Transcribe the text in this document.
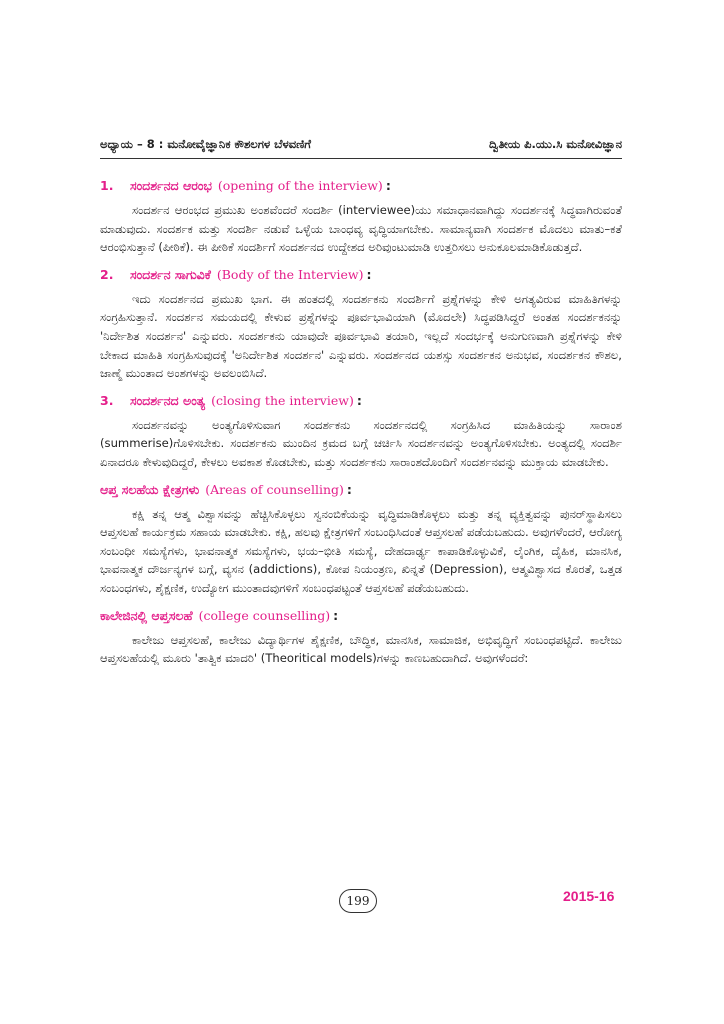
ಅಧ್ಯಾಯ – 8 : ಮನೋವೈಜ್ಞಾನಿಕ ಕೌಶಲಗಳ ಬೆಳವಣಿಗೆ	ದ್ವಿತೀಯ ಪಿ.ಯು.ಸಿ ಮನೋವಿಜ್ಞಾನ
1.	ಸಂದರ್ಶನದ ಆರಂಭ (opening of the interview) :

ಸಂದರ್ಶನ ಆರಂಭದ ಪ್ರಮುಖ ಅಂಶವೆಂದರೆ ಸಂದರ್ಶಿ (interviewee)ಯು ಸಮಾಧಾನವಾಗಿದ್ದು ಸಂದರ್ಶನಕ್ಕೆ ಸಿದ್ಧವಾಗಿರುವಂತೆ ಮಾಡುವುದು. ಸಂದರ್ಶಕ ಮತ್ತು ಸಂದರ್ಶಿ ನಡುವೆ ಒಳ್ಳೆಯ ಬಾಂಧವ್ಯ ವೃದ್ಧಿಯಾಗಬೇಕು. ಸಾಮಾನ್ಯವಾಗಿ ಸಂದರ್ಶಕ ಮೊದಲು ಮಾತು–ಕತೆ ಆರಂಭಿಸುತ್ತಾನೆ (ಪೀಠಿಕೆ). ಈ ಪೀಠಿಕೆ ಸಂದರ್ಶಿಗೆ ಸಂದರ್ಶನದ ಉದ್ದೇಶದ ಅರಿವುಂಟುಮಾಡಿ ಉತ್ತರಿಸಲು ಅನುಕೂಲಮಾಡಿಕೊಡುತ್ತದೆ.

2.	ಸಂದರ್ಶನ ಸಾಗುವಿಕೆ (Body of the Interview) :

ಇದು ಸಂದರ್ಶನದ ಪ್ರಮುಖ ಭಾಗ. ಈ ಹಂತದಲ್ಲಿ ಸಂದರ್ಶಕನು ಸಂದರ್ಶಿಗೆ ಪ್ರಶ್ನೆಗಳನ್ನು ಕೇಳಿ ಅಗತ್ಯವಿರುವ ಮಾಹಿತಿಗಳನ್ನು ಸಂಗ್ರಹಿಸುತ್ತಾನೆ. ಸಂದರ್ಶನ ಸಮಯದಲ್ಲಿ ಕೇಳುವ ಪ್ರಶ್ನೆಗಳನ್ನು ಪೂರ್ವಭಾವಿಯಾಗಿ (ಮೊದಲೇ) ಸಿದ್ಧಪಡಿಸಿದ್ದರೆ ಅಂತಹ ಸಂದರ್ಶಕನನ್ನು 'ನಿರ್ದೇಶಿತ ಸಂದರ್ಶನ' ಎನ್ನುವರು. ಸಂದರ್ಶಕನು ಯಾವುದೇ ಪೂರ್ವಭಾವಿ ತಯಾರಿ, ಇಲ್ಲದೆ ಸಂದರ್ಭಕ್ಕೆ ಅನುಗುಣವಾಗಿ ಪ್ರಶ್ನೆಗಳನ್ನು ಕೇಳಿ ಬೇಕಾದ ಮಾಹಿತಿ ಸಂಗ್ರಹಿಸುವುದಕ್ಕೆ 'ಅನಿರ್ದೇಶಿತ ಸಂದರ್ಶನ' ಎನ್ನುವರು. ಸಂದರ್ಶನದ ಯಶಸ್ಸು ಸಂದರ್ಶಕನ ಅನುಭವ, ಸಂದರ್ಶಕನ ಕೌಶಲ, ಜಾಣ್ಮೆ ಮುಂತಾದ ಅಂಶಗಳನ್ನು ಅವಲಂಬಿಸಿದೆ.

3.	ಸಂದರ್ಶನದ ಅಂತ್ಯ (closing the interview) :

ಸಂದರ್ಶನವನ್ನು ಅಂತ್ಯಗೊಳಿಸುವಾಗ ಸಂದರ್ಶಕನು ಸಂದರ್ಶನದಲ್ಲಿ ಸಂಗ್ರಹಿಸಿದ ಮಾಹಿತಿಯನ್ನು ಸಾರಾಂಶ (summerise)ಗೊಳಿಸಬೇಕು. ಸಂದರ್ಶಕನು ಮುಂದಿನ ಕ್ರಮದ ಬಗ್ಗೆ ಚರ್ಚಿಸಿ ಸಂದರ್ಶನವನ್ನು ಅಂತ್ಯಗೊಳಿಸಬೇಕು. ಅಂತ್ಯದಲ್ಲಿ ಸಂದರ್ಶಿ ಏನಾದರೂ ಕೇಳುವುದಿದ್ದರೆ, ಕೇಳಲು ಅವಕಾಶ ಕೊಡಬೇಕು, ಮತ್ತು ಸಂದರ್ಶಕನು ಸಾರಾಂಶದೊಂದಿಗೆ ಸಂದರ್ಶನವನ್ನು ಮುಕ್ತಾಯ ಮಾಡಬೇಕು.

ಆಪ್ತ ಸಲಹೆಯ ಕ್ಷೇತ್ರಗಳು (Areas of counselling) :

ಕಕ್ಷಿ ತನ್ನ ಆತ್ಮ ವಿಶ್ವಾಸವನ್ನು ಹೆಚ್ಚಿಸಿಕೊಳ್ಳಲು ಸ್ವನಂಬಿಕೆಯನ್ನು ವೃದ್ಧಿಮಾಡಿಕೊಳ್ಳಲು ಮತ್ತು ತನ್ನ ವ್ಯಕ್ತಿತ್ವವನ್ನು ಪುನರ್‌ಸ್ಥಾಪಿಸಲು ಆಪ್ತಸಲಹೆ ಕಾರ್ಯಕ್ರಮ ಸಹಾಯ ಮಾಡಬೇಕು. ಕಕ್ಷಿ, ಹಲವು ಕ್ಷೇತ್ರಗಳಿಗೆ ಸಂಬಂಧಿಸಿದಂತೆ ಆಪ್ತಸಲಹೆ ಪಡೆಯಬಹುದು. ಅವುಗಳೆಂದರೆ, ಆರೋಗ್ಯ ಸಂಬಂಧೀ ಸಮಸ್ಯೆಗಳು, ಭಾವನಾತ್ಮಕ ಸಮಸ್ಯೆಗಳು, ಭಯ–ಭೀತಿ ಸಮಸ್ಯೆ, ದೇಹದಾರ್ಢ್ಯ ಕಾಪಾಡಿಕೊಳ್ಳುವಿಕೆ, ಲೈಂಗಿಕ, ದೈಹಿಕ, ಮಾನಸಿಕ, ಭಾವನಾತ್ಮಕ ದೌರ್ಜನ್ಯಗಳ ಬಗ್ಗೆ, ವ್ಯಸನ (addictions), ಕೋಪ ನಿಯಂತ್ರಣ, ಖಿನ್ನತೆ (Depression), ಆತ್ಮವಿಶ್ವಾಸದ ಕೊರತೆ, ಒತ್ತಡ ಸಂಬಂಧಗಳು, ಶೈಕ್ಷಣಿಕ, ಉದ್ಯೋಗ ಮುಂತಾದವುಗಳಿಗೆ ಸಂಬಂಧಪಟ್ಟಂತೆ ಆಪ್ತಸಲಹೆ ಪಡೆಯಬಹುದು.

ಕಾಲೇಜಿನಲ್ಲಿ ಆಪ್ತಸಲಹೆ (college counselling) :

ಕಾಲೇಜು ಆಪ್ತಸಲಹೆ, ಕಾಲೇಜು ವಿದ್ಯಾರ್ಥಿಗಳ ಶೈಕ್ಷಣಿಕ, ಬೌದ್ಧಿಕ, ಮಾನಸಿಕ, ಸಾಮಾಜಿಕ, ಅಭಿವೃದ್ಧಿಗೆ ಸಂಬಂಧಪಟ್ಟಿದೆ. ಕಾಲೇಜು ಆಪ್ತಸಲಹೆಯಲ್ಲಿ ಮೂರು 'ತಾತ್ವಿಕ ಮಾದರಿ' (Theoritical models)ಗಳನ್ನು ಕಾಣಬಹುದಾಗಿದೆ. ಅವುಗಳೆಂದರೆ:

199	2015-16
